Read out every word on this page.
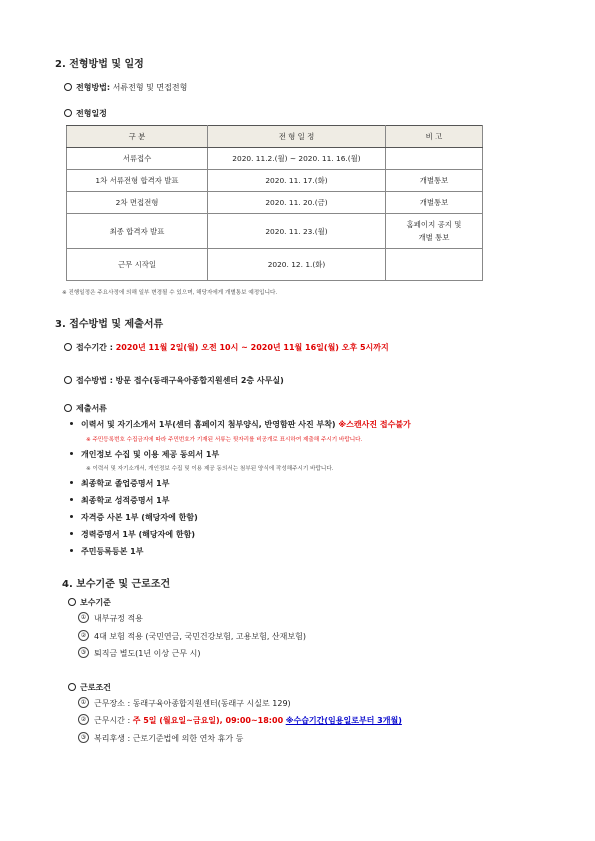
2. 전형방법 및 일정
전형방법: 서류전형 및 면접전형
전형일정
구 분	전 형 일 정	비 고
서류접수	2020. 11.2.(월) ~ 2020. 11. 16.(월)	
1차 서류전형 합격자 발표	2020. 11. 17.(화)	개별통보
2차 면접전형	2020. 11. 20.(금)	개별통보
최종 합격자 발표	2020. 11. 23.(월)	홈페이지 공지 및
개별 통보

근무 시작일	2020. 12. 1.(화)	
※ 진행일정은 주요사정에 의해 일부 변경될 수 있으며, 해당자에게 개별통보 예정입니다.
3. 접수방법 및 제출서류
접수기간 : 2020년 11월 2일(월) 오전 10시 ~ 2020년 11월 16일(월) 오후 5시까지
접수방법 : 방문 접수(동래구육아종합지원센터 2층 사무실)
제출서류
이력서 및 자기소개서 1부(센터 홈페이지 첨부양식, 반영함판 사진 부착) ※스캔사진 접수불가
※ 주민등록번호 수집금지에 따라 주민번호가 기재된 서류는 뒷자리를 비공개로 표시하여 제출해 주시기 바랍니다.
개인정보 수집 및 이용 제공 동의서 1부
※ 이력서 및 자기소개서, 개인정보 수집 및 이용 제공 동의서는 첨부된 양식에 작성해주시기 바랍니다.
최종학교 졸업증명서 1부
최종학교 성적증명서 1부
자격증 사본 1부 (해당자에 한함)
경력증명서 1부 (해당자에 한함)
주민등록등본 1부
4. 보수기준 및 근로조건
보수기준
① 내부규정 적용
② 4대 보험 적용 (국민연금, 국민건강보험, 고용보험, 산재보험)
③ 퇴직금 별도(1년 이상 근무 시)
근로조건
① 근무장소 : 동래구육아종합지원센터(동래구 시실로 129)
② 근무시간 : 주 5일 (월요일~금요일), 09:00~18:00 ※수습기간(임용일로부터 3개월)
③ 복리후생 : 근로기준법에 의한 연차 휴가 등
